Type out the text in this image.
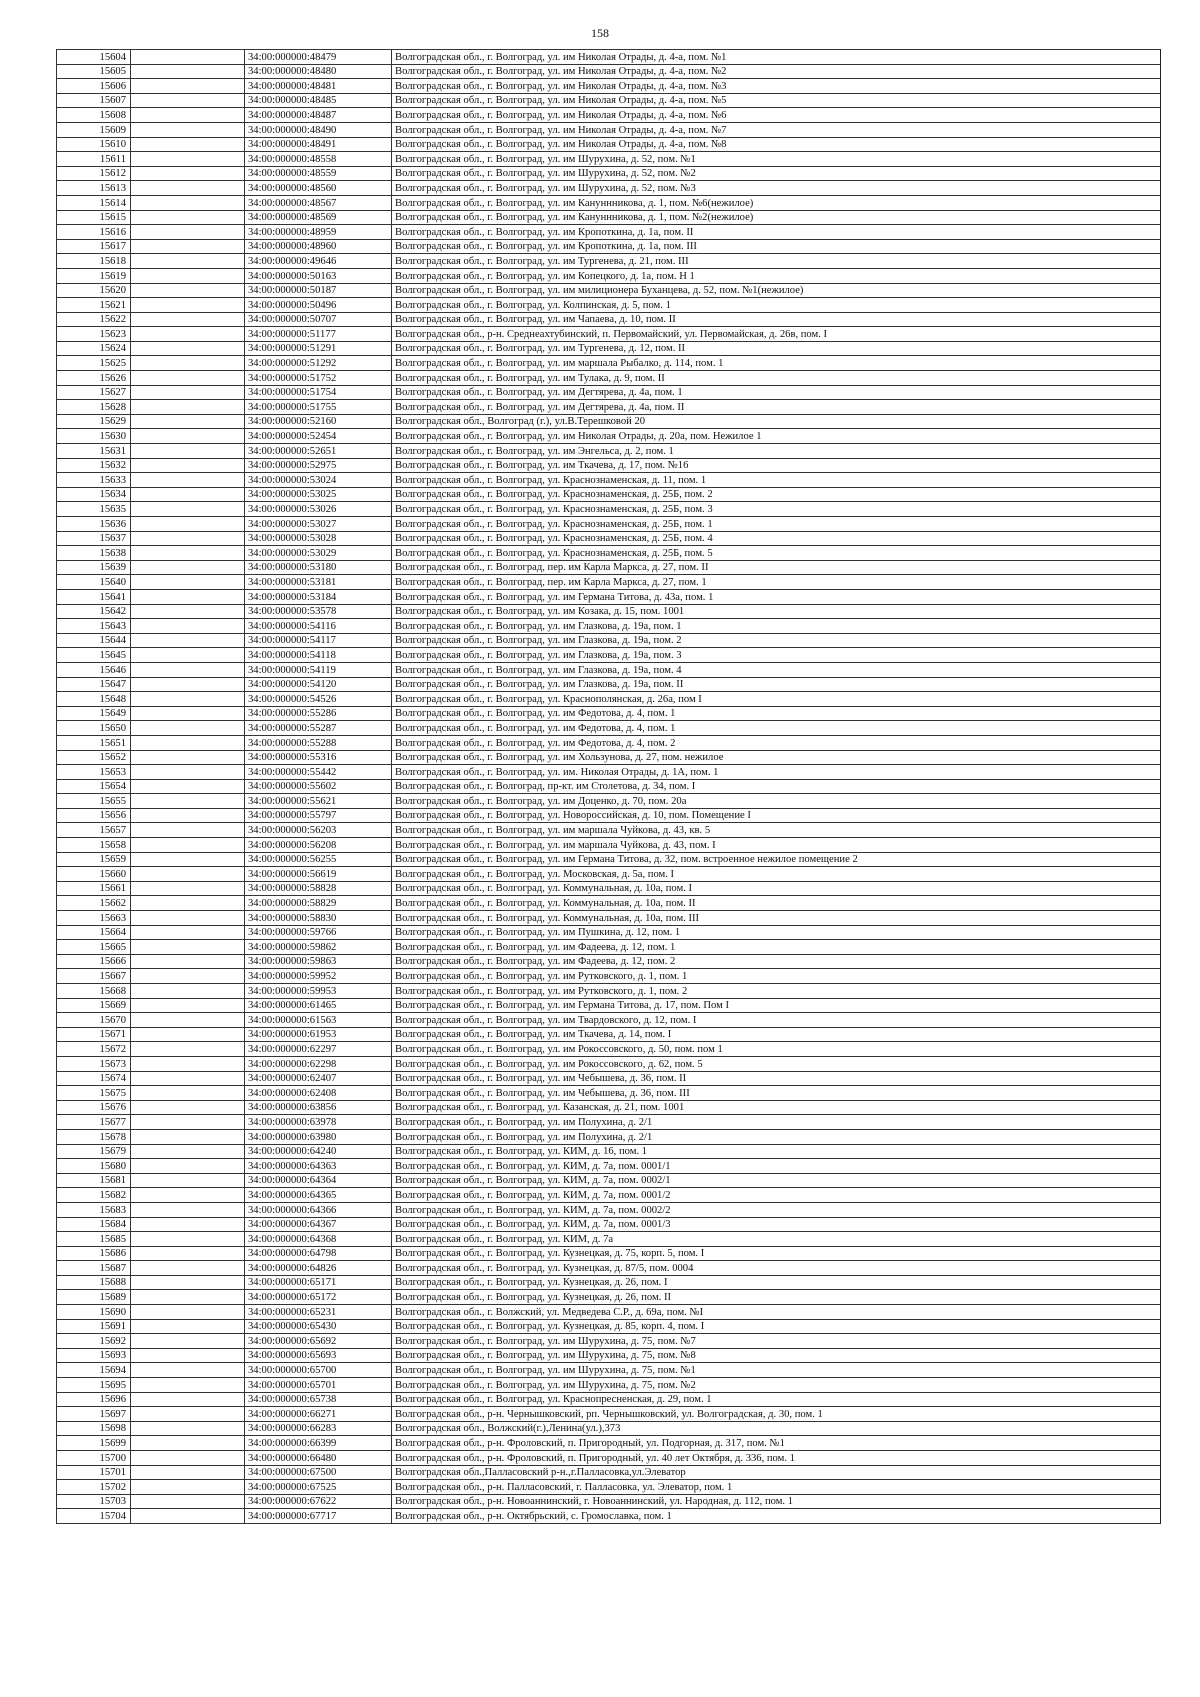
158
15604		34:00:000000:48479	Волгоградская обл., г. Волгоград, ул. им Николая Отрады, д. 4-а, пом. №1
15605		34:00:000000:48480	Волгоградская обл., г. Волгоград, ул. им Николая Отрады, д. 4-а, пом. №2
15606		34:00:000000:48481	Волгоградская обл., г. Волгоград, ул. им Николая Отрады, д. 4-а, пом. №3
15607		34:00:000000:48485	Волгоградская обл., г. Волгоград, ул. им Николая Отрады, д. 4-а, пом. №5
15608		34:00:000000:48487	Волгоградская обл., г. Волгоград, ул. им Николая Отрады, д. 4-а, пом. №6
15609		34:00:000000:48490	Волгоградская обл., г. Волгоград, ул. им Николая Отрады, д. 4-а, пом. №7
15610		34:00:000000:48491	Волгоградская обл., г. Волгоград, ул. им Николая Отрады, д. 4-а, пом. №8
15611		34:00:000000:48558	Волгоградская обл., г. Волгоград, ул. им Шурухина, д. 52, пом. №1
15612		34:00:000000:48559	Волгоградская обл., г. Волгоград, ул. им Шурухина, д. 52, пом. №2
15613		34:00:000000:48560	Волгоградская обл., г. Волгоград, ул. им Шурухина, д. 52, пом. №3
15614		34:00:000000:48567	Волгоградская обл., г. Волгоград, ул. им Кануннникова, д. 1, пом. №6(нежилое)
15615		34:00:000000:48569	Волгоградская обл., г. Волгоград, ул. им Кануннникова, д. 1, пом. №2(нежилое)
15616		34:00:000000:48959	Волгоградская обл., г. Волгоград, ул. им Кропоткина, д. 1а, пом. II
15617		34:00:000000:48960	Волгоградская обл., г. Волгоград, ул. им Кропоткина, д. 1а, пом. III
15618		34:00:000000:49646	Волгоградская обл., г. Волгоград, ул. им Тургенева, д. 21, пом. III
15619		34:00:000000:50163	Волгоградская обл., г. Волгоград, ул. им Копецкого, д. 1а, пом. Н 1
15620		34:00:000000:50187	Волгоградская обл., г. Волгоград, ул. им милиционера Буханцева, д. 52, пом. №1(нежилое)
15621		34:00:000000:50496	Волгоградская обл., г. Волгоград, ул. Колпинская, д. 5, пом. 1
15622		34:00:000000:50707	Волгоградская обл., г. Волгоград, ул. им Чапаева, д. 10, пом. II
15623		34:00:000000:51177	Волгоградская обл., р-н. Среднеахтубинский, п. Первомайский, ул. Первомайская, д. 26в, пом. I
15624		34:00:000000:51291	Волгоградская обл., г. Волгоград, ул. им Тургенева, д. 12, пом. II
15625		34:00:000000:51292	Волгоградская обл., г. Волгоград, ул. им маршала Рыбалко, д. 114, пом. 1
15626		34:00:000000:51752	Волгоградская обл., г. Волгоград, ул. им Тулака, д. 9, пом. II
15627		34:00:000000:51754	Волгоградская обл., г. Волгоград, ул. им Дегтярева, д. 4а, пом. 1
15628		34:00:000000:51755	Волгоградская обл., г. Волгоград, ул. им Дегтярева, д. 4а, пом. II
15629		34:00:000000:52160	Волгоградская обл., Волгоград (г.), ул.В.Терешковой 20
15630		34:00:000000:52454	Волгоградская обл., г. Волгоград, ул. им Николая Отрады, д. 20а, пом. Нежилое 1
15631		34:00:000000:52651	Волгоградская обл., г. Волгоград, ул. им Энгельса, д. 2, пом. 1
15632		34:00:000000:52975	Волгоградская обл., г. Волгоград, ул. им Ткачева, д. 17, пом. №16
15633		34:00:000000:53024	Волгоградская обл., г. Волгоград, ул. Краснознаменская, д. 11, пом. 1
15634		34:00:000000:53025	Волгоградская обл., г. Волгоград, ул. Краснознаменская, д. 25Б, пом. 2
15635		34:00:000000:53026	Волгоградская обл., г. Волгоград, ул. Краснознаменская, д. 25Б, пом. 3
15636		34:00:000000:53027	Волгоградская обл., г. Волгоград, ул. Краснознаменская, д. 25Б, пом. 1
15637		34:00:000000:53028	Волгоградская обл., г. Волгоград, ул. Краснознаменская, д. 25Б, пом. 4
15638		34:00:000000:53029	Волгоградская обл., г. Волгоград, ул. Краснознаменская, д. 25Б, пом. 5
15639		34:00:000000:53180	Волгоградская обл., г. Волгоград, пер. им Карла Маркса, д. 27, пом. II
15640		34:00:000000:53181	Волгоградская обл., г. Волгоград, пер. им Карла Маркса, д. 27, пом. 1
15641		34:00:000000:53184	Волгоградская обл., г. Волгоград, ул. им Германа Титова, д. 43а, пом. 1
15642		34:00:000000:53578	Волгоградская обл., г. Волгоград, ул. им Козака, д. 15, пом. 1001
15643		34:00:000000:54116	Волгоградская обл., г. Волгоград, ул. им Глазкова, д. 19а, пом. 1
15644		34:00:000000:54117	Волгоградская обл., г. Волгоград, ул. им Глазкова, д. 19а, пом. 2
15645		34:00:000000:54118	Волгоградская обл., г. Волгоград, ул. им Глазкова, д. 19а, пом. 3
15646		34:00:000000:54119	Волгоградская обл., г. Волгоград, ул. им Глазкова, д. 19а, пом. 4
15647		34:00:000000:54120	Волгоградская обл., г. Волгоград, ул. им Глазкова, д. 19а, пом. II
15648		34:00:000000:54526	Волгоградская обл., г. Волгоград, ул. Краснополянская, д. 26а, пом I
15649		34:00:000000:55286	Волгоградская обл., г. Волгоград, ул. им Федотова, д. 4, пом. 1
15650		34:00:000000:55287	Волгоградская обл., г. Волгоград, ул. им Федотова, д. 4, пом. 1
15651		34:00:000000:55288	Волгоградская обл., г. Волгоград, ул. им Федотова, д. 4, пом. 2
15652		34:00:000000:55316	Волгоградская обл., г. Волгоград, ул. им Хользунова, д. 27, пом. нежилое
15653		34:00:000000:55442	Волгоградская обл., г. Волгоград, ул. им. Николая Отрады, д. 1А, пом. 1
15654		34:00:000000:55602	Волгоградская обл., г. Волгоград, пр-кт. им Столетова, д. 34, пом. I
15655		34:00:000000:55621	Волгоградская обл., г. Волгоград, ул. им Доценко, д. 70, пом. 20а
15656		34:00:000000:55797	Волгоградская обл., г. Волгоград, ул. Новороссийская, д. 10, пом. Помещение I
15657		34:00:000000:56203	Волгоградская обл., г. Волгоград, ул. им маршала Чуйкова, д. 43, кв. 5
15658		34:00:000000:56208	Волгоградская обл., г. Волгоград, ул. им маршала Чуйкова, д. 43, пом. I
15659		34:00:000000:56255	Волгоградская обл., г. Волгоград, ул. им Германа Титова, д. 32, пом. встроенное нежилое помещение 2
15660		34:00:000000:56619	Волгоградская обл., г. Волгоград, ул. Московская, д. 5а, пом. I
15661		34:00:000000:58828	Волгоградская обл., г. Волгоград, ул. Коммунальная, д. 10а, пом. I
15662		34:00:000000:58829	Волгоградская обл., г. Волгоград, ул. Коммунальная, д. 10а, пом. II
15663		34:00:000000:58830	Волгоградская обл., г. Волгоград, ул. Коммунальная, д. 10а, пом. III
15664		34:00:000000:59766	Волгоградская обл., г. Волгоград, ул. им Пушкина, д. 12, пом. 1
15665		34:00:000000:59862	Волгоградская обл., г. Волгоград, ул. им Фадеева, д. 12, пом. 1
15666		34:00:000000:59863	Волгоградская обл., г. Волгоград, ул. им Фадеева, д. 12, пом. 2
15667		34:00:000000:59952	Волгоградская обл., г. Волгоград, ул. им Рутковского, д. 1, пом. 1
15668		34:00:000000:59953	Волгоградская обл., г. Волгоград, ул. им Рутковского, д. 1, пом. 2
15669		34:00:000000:61465	Волгоградская обл., г. Волгоград, ул. им Германа Титова, д. 17, пом. Пом I
15670		34:00:000000:61563	Волгоградская обл., г. Волгоград, ул. им Твардовского, д. 12, пом. I
15671		34:00:000000:61953	Волгоградская обл., г. Волгоград, ул. им Ткачева, д. 14, пом. I
15672		34:00:000000:62297	Волгоградская обл., г. Волгоград, ул. им Рокоссовского, д. 50, пом. пом 1
15673		34:00:000000:62298	Волгоградская обл., г. Волгоград, ул. им Рокоссовского, д. 62, пом. 5
15674		34:00:000000:62407	Волгоградская обл., г. Волгоград, ул. им Чебышева, д. 36, пом. II
15675		34:00:000000:62408	Волгоградская обл., г. Волгоград, ул. им Чебышева, д. 36, пом. III
15676		34:00:000000:63856	Волгоградская обл., г. Волгоград, ул. Казанская, д. 21, пом. 1001
15677		34:00:000000:63978	Волгоградская обл., г. Волгоград, ул. им Полухина, д. 2/1
15678		34:00:000000:63980	Волгоградская обл., г. Волгоград, ул. им Полухина, д. 2/1
15679		34:00:000000:64240	Волгоградская обл., г. Волгоград, ул. КИМ, д. 16, пом. 1
15680		34:00:000000:64363	Волгоградская обл., г. Волгоград, ул. КИМ, д. 7а, пом. 0001/1
15681		34:00:000000:64364	Волгоградская обл., г. Волгоград, ул. КИМ, д. 7а, пом. 0002/1
15682		34:00:000000:64365	Волгоградская обл., г. Волгоград, ул. КИМ, д. 7а, пом. 0001/2
15683		34:00:000000:64366	Волгоградская обл., г. Волгоград, ул. КИМ, д. 7а, пом. 0002/2
15684		34:00:000000:64367	Волгоградская обл., г. Волгоград, ул. КИМ, д. 7а, пом. 0001/3
15685		34:00:000000:64368	Волгоградская обл., г. Волгоград, ул. КИМ, д. 7а
15686		34:00:000000:64798	Волгоградская обл., г. Волгоград, ул. Кузнецкая, д. 75, корп. 5, пом. I
15687		34:00:000000:64826	Волгоградская обл., г. Волгоград, ул. Кузнецкая, д. 87/5, пом. 0004
15688		34:00:000000:65171	Волгоградская обл., г. Волгоград, ул. Кузнецкая, д. 26, пом. I
15689		34:00:000000:65172	Волгоградская обл., г. Волгоград, ул. Кузнецкая, д. 26, пом. II
15690		34:00:000000:65231	Волгоградская обл., г. Волжский, ул. Медведева С.Р., д. 69а, пом. №I
15691		34:00:000000:65430	Волгоградская обл., г. Волгоград, ул. Кузнецкая, д. 85, корп. 4, пом. I
15692		34:00:000000:65692	Волгоградская обл., г. Волгоград, ул. им Шурухина, д. 75, пом. №7
15693		34:00:000000:65693	Волгоградская обл., г. Волгоград, ул. им Шурухина, д. 75, пом. №8
15694		34:00:000000:65700	Волгоградская обл., г. Волгоград, ул. им Шурухина, д. 75, пом. №1
15695		34:00:000000:65701	Волгоградская обл., г. Волгоград, ул. им Шурухина, д. 75, пом. №2
15696		34:00:000000:65738	Волгоградская обл., г. Волгоград, ул. Краснопресненская, д. 29, пом. 1
15697		34:00:000000:66271	Волгоградская обл., р-н. Чернышковский, рп. Чернышковский, ул. Волгоградская, д. 30, пом. 1
15698		34:00:000000:66283	Волгоградская обл., Волжский(г.),Ленина(ул.),373
15699		34:00:000000:66399	Волгоградская обл., р-н. Фроловский, п. Пригородный, ул. Подгорная, д. 317, пом. №1
15700		34:00:000000:66480	Волгоградская обл., р-н. Фроловский, п. Пригородный, ул. 40 лет Октября, д. 336, пом. 1
15701		34:00:000000:67500	Волгоградская обл.,Палласовский р-н.,г.Палласовка,ул.Элеватор
15702		34:00:000000:67525	Волгоградская обл., р-н. Палласовский, г. Палласовка, ул. Элеватор, пом. 1
15703		34:00:000000:67622	Волгоградская обл., р-н. Новоаннинский, г. Новоаннинский, ул. Народная, д. 112, пом. 1
15704		34:00:000000:67717	Волгоградская обл., р-н. Октябрьский, с. Громославка, пом. 1
